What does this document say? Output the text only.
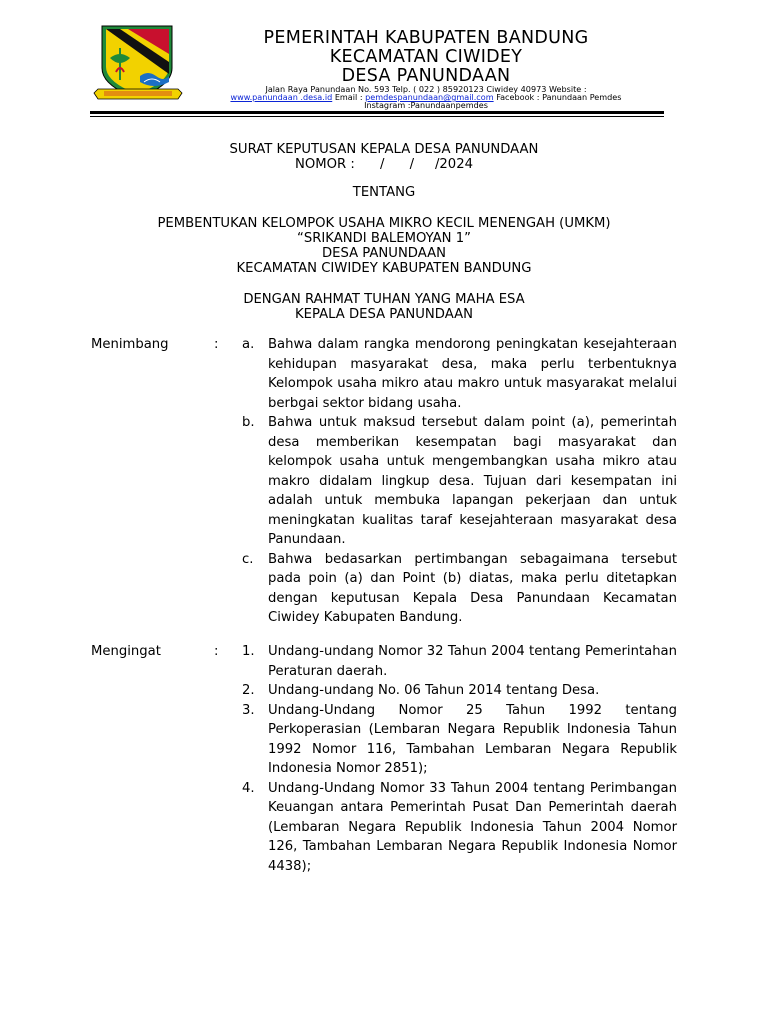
PEMERINTAH KABUPATEN BANDUNG
KECAMATAN CIWIDEY
DESA PANUNDAAN
Jalan Raya Panundaan No. 593 Telp. ( 022 ) 85920123 Ciwidey 40973 Website :
www.panundaan .desa.id Email : pemdespanundaan@gmail.com Facebook : Panundaan Pemdes
Instagram :Panundaanpemdes
SURAT KEPUTUSAN KEPALA DESA PANUNDAAN
NOMOR :      /      /     /2024
TENTANG
PEMBENTUKAN KELOMPOK USAHA MIKRO KECIL MENENGAH (UMKM)
“SRIKANDI BALEMOYAN 1”
DESA PANUNDAAN
KECAMATAN CIWIDEY KABUPATEN BANDUNG
DENGAN RAHMAT TUHAN YANG MAHA ESA
KEPALA DESA PANUNDAAN
Menimbang	: a. Bahwa dalam rangka mendorong peningkatan kesejahteraan kehidupan masyarakat desa, maka perlu terbentuknya Kelompok usaha mikro atau makro untuk masyarakat melalui berbgai sektor bidang usaha.
b. Bahwa untuk maksud tersebut dalam point (a), pemerintah desa memberikan kesempatan bagi masyarakat dan kelompok usaha untuk mengembangkan usaha mikro atau makro didalam lingkup desa. Tujuan dari kesempatan ini adalah untuk membuka lapangan pekerjaan dan untuk meningkatan kualitas taraf kesejahteraan masyarakat desa Panundaan.
c. Bahwa bedasarkan pertimbangan sebagaimana tersebut pada poin (a) dan Point (b) diatas, maka perlu ditetapkan dengan keputusan Kepala Desa Panundaan Kecamatan Ciwidey Kabupaten Bandung.
Mengingat	: 1. Undang-undang Nomor 32 Tahun 2004 tentang Pemerintahan Peraturan daerah.
2. Undang-undang No. 06 Tahun 2014 tentang Desa.
3. Undang-Undang Nomor 25 Tahun 1992 tentang Perkoperasian (Lembaran Negara Republik Indonesia Tahun 1992 Nomor 116, Tambahan Lembaran Negara Republik Indonesia Nomor 2851);
4. Undang-Undang Nomor 33 Tahun 2004 tentang Perimbangan Keuangan antara Pemerintah Pusat Dan Pemerintah daerah (Lembaran Negara Republik Indonesia Tahun 2004 Nomor 126, Tambahan Lembaran Negara Republik Indonesia Nomor 4438);
